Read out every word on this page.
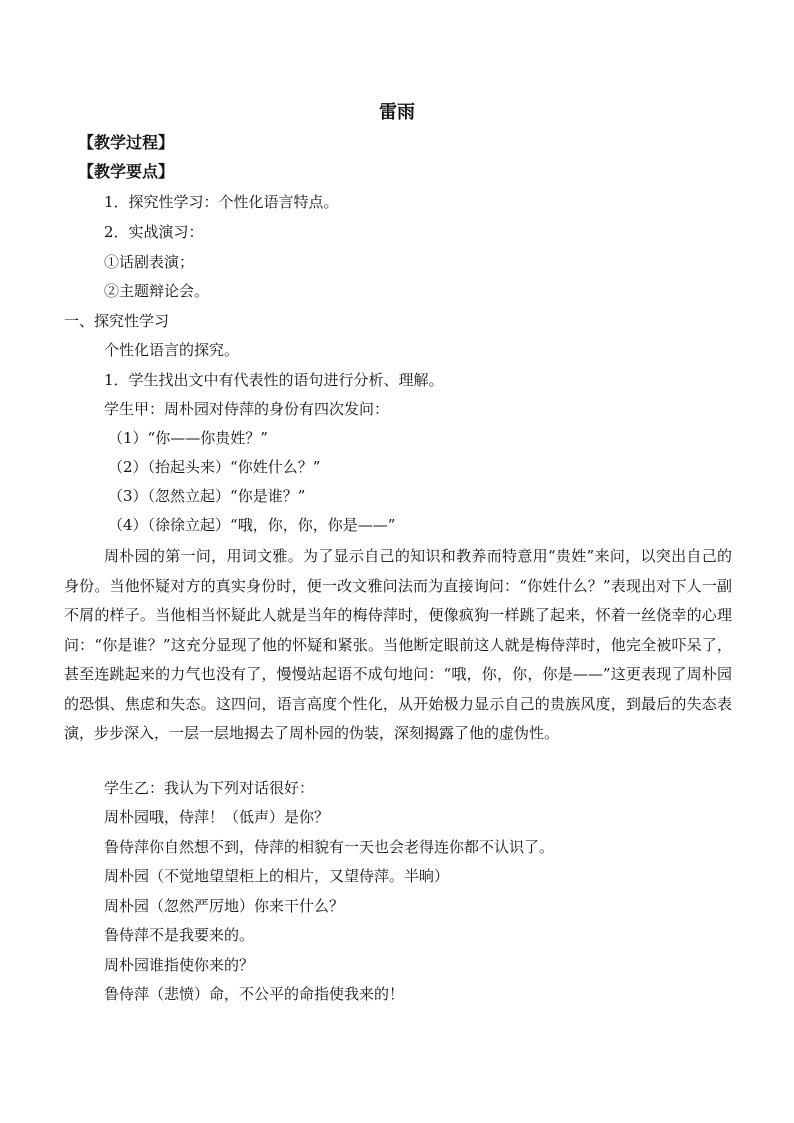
雷雨
【教学过程】
【教学要点】
1．探究性学习：个性化语言特点。
2．实战演习：
①话剧表演；
②主题辩论会。
一、探究性学习
个性化语言的探究。
1．学生找出文中有代表性的语句进行分析、理解。
学生甲：周朴园对侍萍的身份有四次发问：
（1）“你——你贵姓？”
（2）（抬起头来）“你姓什么？”
（3）（忽然立起）“你是谁？”
（4）（徐徐立起）“哦，你，你，你是——”
周朴园的第一问，用词文雅。为了显示自己的知识和教养而特意用“贵姓”来问，以突出自己的身份。当他怀疑对方的真实身份时，便一改文雅问法而为直接询问：“你姓什么？”表现出对下人一副不屑的样子。当他相当怀疑此人就是当年的梅侍萍时，便像疯狗一样跳了起来，怀着一丝侥幸的心理问：“你是谁？”这充分显现了他的怀疑和紧张。当他断定眼前这人就是梅侍萍时，他完全被吓呆了，甚至连跳起来的力气也没有了，慢慢站起语不成句地问：“哦，你，你，你是——”这更表现了周朴园的恐惧、焦虑和失态。这四问，语言高度个性化，从开始极力显示自己的贵族风度，到最后的失态表演，步步深入，一层一层地揭去了周朴园的伪装，深刻揭露了他的虚伪性。
学生乙：我认为下列对话很好：
周朴园哦，侍萍！（低声）是你？
鲁侍萍你自然想不到，侍萍的相貌有一天也会老得连你都不认识了。
周朴园（不觉地望望柜上的相片，又望侍萍。半晌）
周朴园（忽然严厉地）你来干什么？
鲁侍萍不是我要来的。
周朴园谁指使你来的？
鲁侍萍（悲愤）命，不公平的命指使我来的！
